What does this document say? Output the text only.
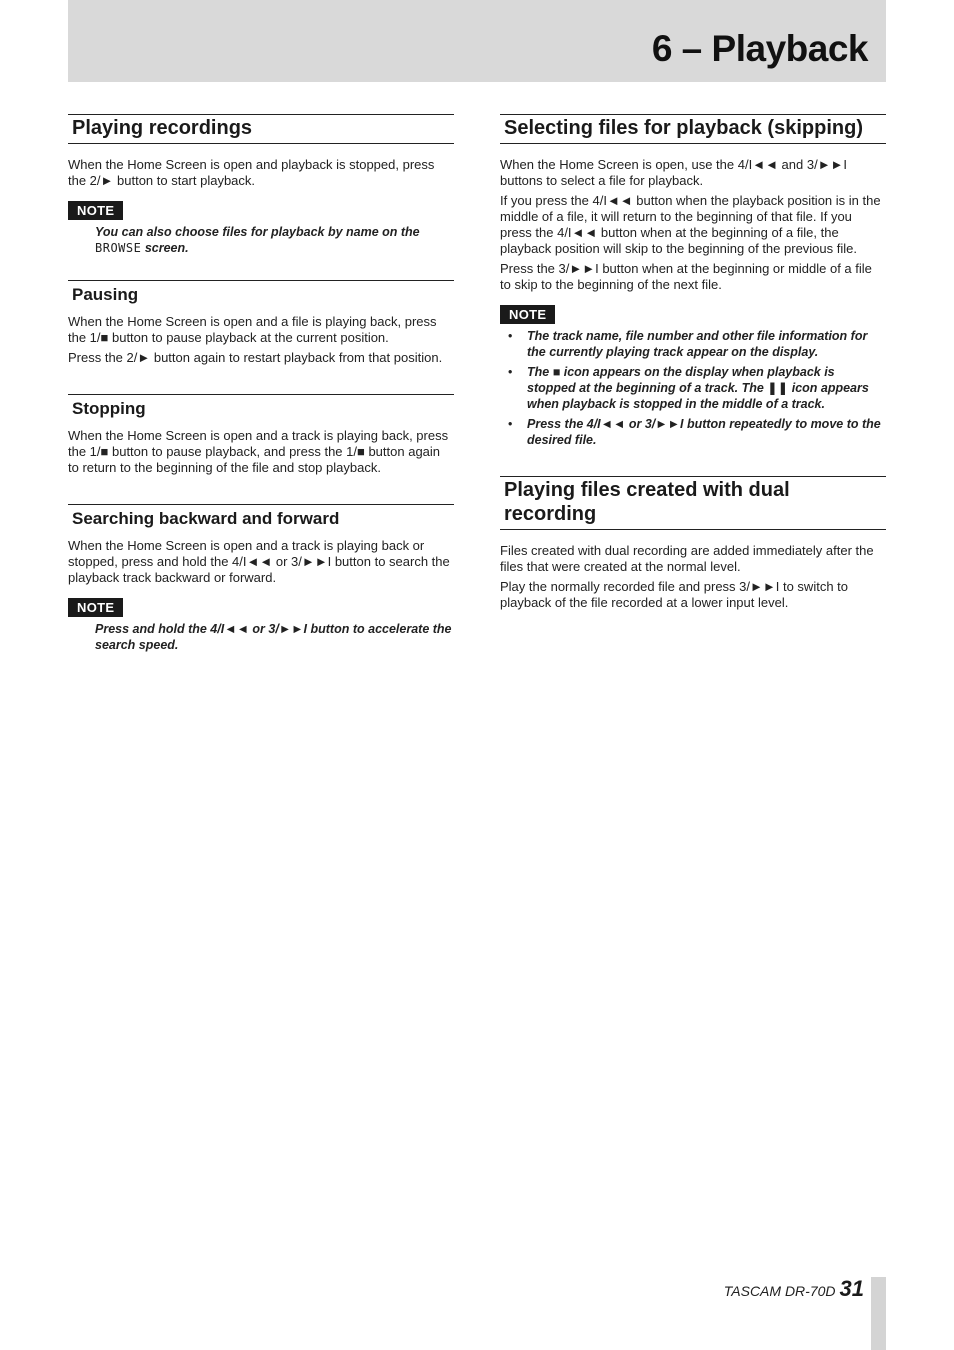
6 – Playback
Playing recordings

When the Home Screen is open and playback is stopped, press the 2/► button to start playback.

NOTE

You can also choose files for playback by name on the BROWSE screen.

Pausing

When the Home Screen is open and a file is playing back, press the 1/■ button to pause playback at the current position.

Press the 2/► button again to restart playback from that position.

Stopping

When the Home Screen is open and a track is playing back, press the 1/■ button to pause playback, and press the 1/■ button again to return to the beginning of the file and stop playback.

Searching backward and forward

When the Home Screen is open and a track is playing back or stopped, press and hold the 4/I◄◄ or 3/►►I button to search the playback track backward or forward.

NOTE

Press and hold the 4/I◄◄ or 3/►►I button to accelerate the search speed.

Selecting files for playback (skipping)

When the Home Screen is open, use the 4/I◄◄ and 3/►►I buttons to select a file for playback.

If you press the 4/I◄◄ button when the playback position is in the middle of a file, it will return to the beginning of that file. If you press the 4/I◄◄ button when at the beginning of a file, the playback position will skip to the beginning of the previous file.

Press the 3/►►I button when at the beginning or middle of a file to skip to the beginning of the next file.

NOTE
• The track name, file number and other file information for the currently playing track appear on the display.
• The ■ icon appears on the display when playback is stopped at the beginning of a track. The ❚❚ icon appears when playback is stopped in the middle of a track.
• Press the 4/I◄◄ or 3/►►I button repeatedly to move to the desired file.
Playing files created with dual recording

Files created with dual recording are added immediately after the files that were created at the normal level.

Play the normally recorded file and press 3/►►I to switch to playback of the file recorded at a lower input level.

TASCAM DR-70D 31
